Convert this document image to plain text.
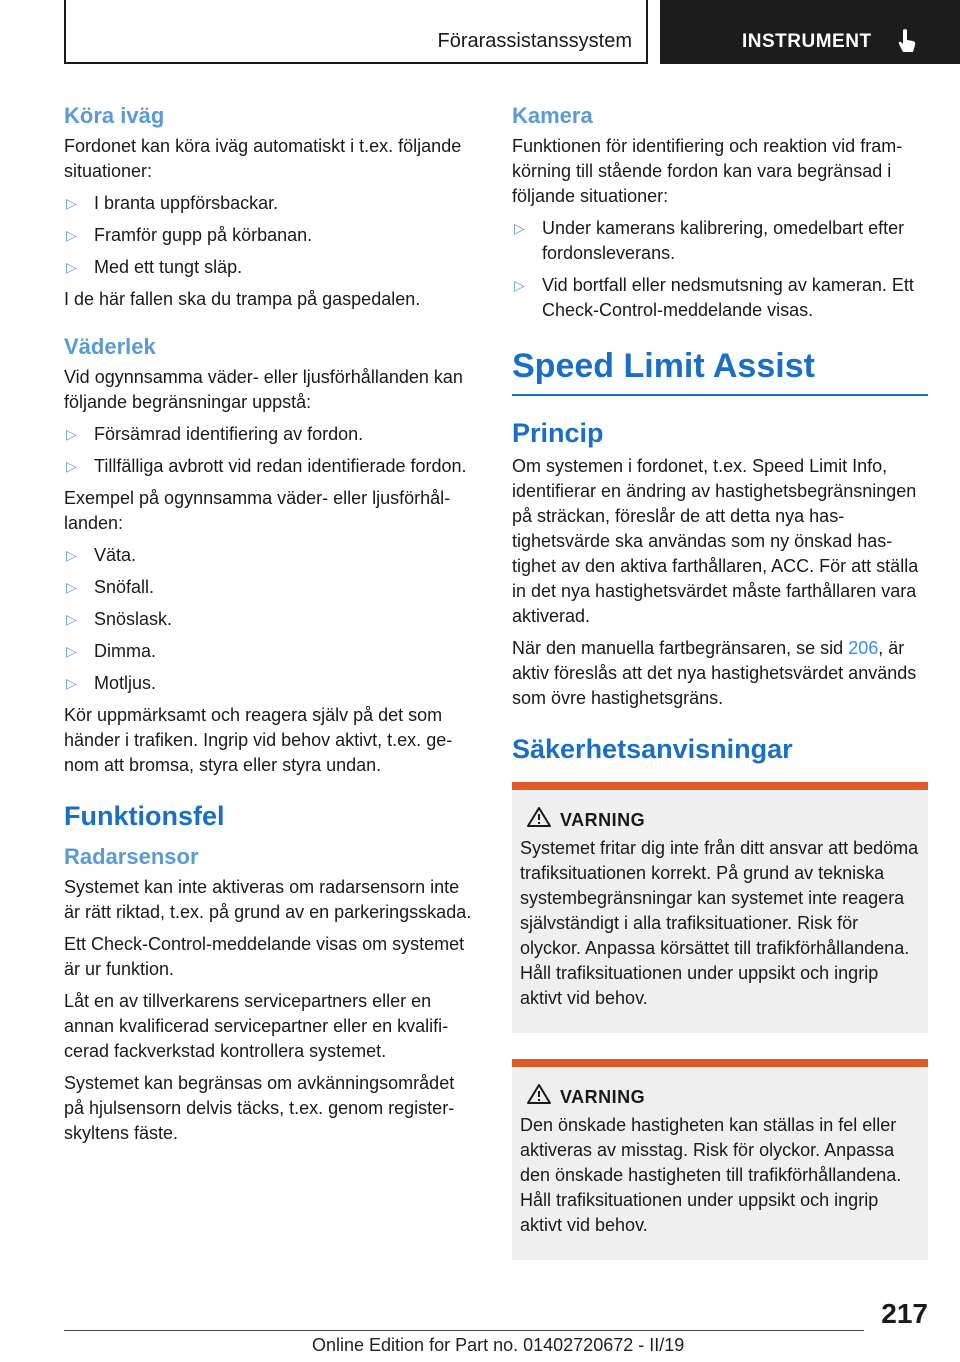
Förarassistanssystem	INSTRUMENT
Köra iväg

Fordonet kan köra iväg automatiskt i t.ex. följande situationer:

▷ I branta uppförsbackar.
▷ Framför gupp på körbanan.
▷ Med ett tungt släp.

I de här fallen ska du trampa på gaspedalen.

Väderlek

Vid ogynnsamma väder- eller ljusförhållanden kan följande begränsningar uppstå:

▷ Försämrad identifiering av fordon.
▷ Tillfälliga avbrott vid redan identifierade fordon.

Exempel på ogynnsamma väder- eller ljusförhållanden:

▷ Väta.
▷ Snöfall.
▷ Snöslask.
▷ Dimma.
▷ Motljus.

Kör uppmärksamt och reagera själv på det som händer i trafiken. Ingrip vid behov aktivt, t.ex. genom att bromsa, styra eller styra undan.

Funktionsfel
Radarsensor

Systemet kan inte aktiveras om radarsensorn inte är rätt riktad, t.ex. på grund av en parkeringsskada.

Ett Check-Control-meddelande visas om systemet är ur funktion.

Låt en av tillverkarens servicepartners eller en annan kvalificerad servicepartner eller en kvalificerad fackverkstad kontrollera systemet.

Systemet kan begränsas om avkänningsområdet på hjulsensorn delvis täcks, t.ex. genom registerskyltens fäste.

Kamera

Funktionen för identifiering och reaktion vid framkörning till stående fordon kan vara begränsad i följande situationer:

▷ Under kamerans kalibrering, omedelbart efter fordonsleverans.
▷ Vid bortfall eller nedsmutsning av kameran. Ett Check-Control-meddelande visas.
Speed Limit Assist
Princip

Om systemen i fordonet, t.ex. Speed Limit Info, identifierar en ändring av hastighetsbegränsningen på sträckan, föreslår de att detta nya hastighetsvärde ska användas som ny önskad hastighet av den aktiva farthållaren, ACC. För att ställa in det nya hastighetsvärdet måste farthållaren vara aktiverad.

När den manuella fartbegränsaren, se sid 206, är aktiv föreslås att det nya hastighetsvärdet används som övre hastighetsgräns.

Säkerhetsanvisningar
VARNING

Systemet fritar dig inte från ditt ansvar att bedöma trafiksituationen korrekt. På grund av tekniska systembegränsningar kan systemet inte reagera självständigt i alla trafiksituationer. Risk för olyckor. Anpassa körsättet till trafikförhållandena. Håll trafiksituationen under uppsikt och ingrip aktivt vid behov.

VARNING

Den önskade hastigheten kan ställas in fel eller aktiveras av misstag. Risk för olyckor. Anpassa den önskade hastigheten till trafikförhållandena. Håll trafiksituationen under uppsikt och ingrip aktivt vid behov.

217
Online Edition for Part no. 01402720672 - II/19
